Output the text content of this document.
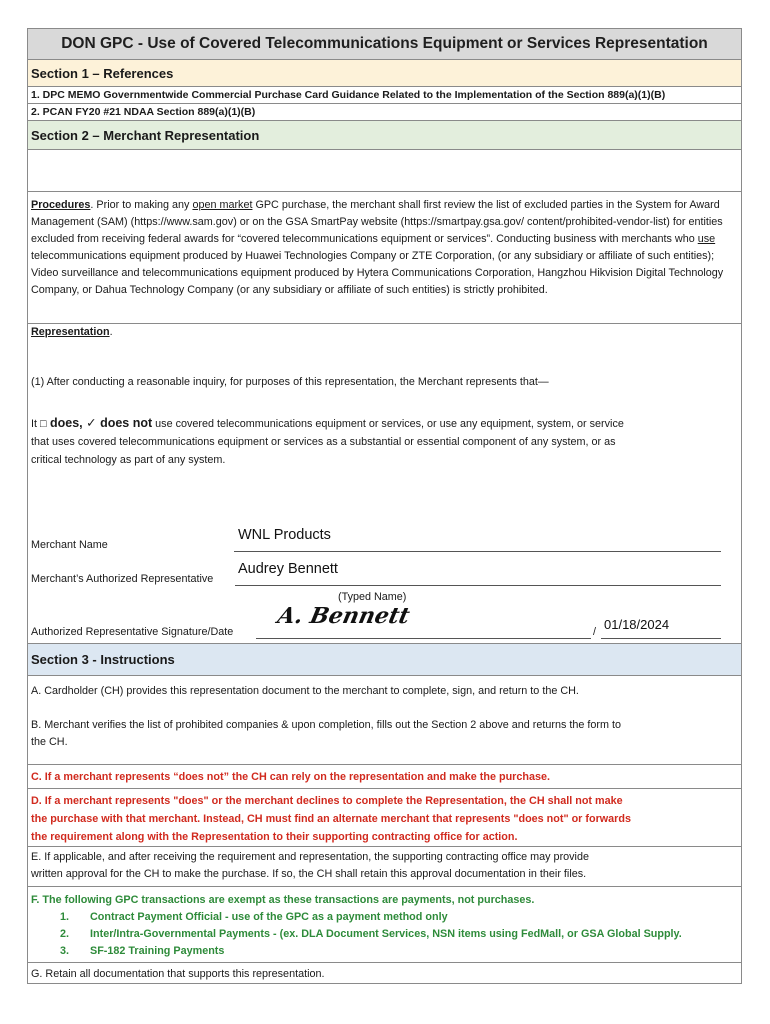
DON GPC - Use of Covered Telecommunications Equipment or Services Representation
Section 1 – References
1. DPC MEMO Governmentwide Commercial Purchase Card Guidance Related to the Implementation of the Section 889(a)(1)(B)
2. PCAN FY20 #21 NDAA Section 889(a)(1)(B)
Section 2 – Merchant Representation
Procedures. Prior to making any open market GPC purchase, the merchant shall first review the list of excluded parties in the System for Award Management (SAM) (https://www.sam.gov) or on the GSA SmartPay website (https://smartpay.gsa.gov/ content/prohibited-vendor-list) for entities excluded from receiving federal awards for “covered telecommunications equipment or services”. Conducting business with merchants who use telecommunications equipment produced by Huawei Technologies Company or ZTE Corporation, (or any subsidiary or affiliate of such entities); Video surveillance and telecommunications equipment produced by Hytera Communications Corporation, Hangzhou Hikvision Digital Technology Company, or Dahua Technology Company (or any subsidiary or affiliate of such entities) is strictly prohibited.
Representation.
(1) After conducting a reasonable inquiry, for purposes of this representation, the Merchant represents that—
It □ does, ✓ does not use covered telecommunications equipment or services, or use any equipment, system, or service
that uses covered telecommunications equipment or services as a substantial or essential component of any system, or as
critical technology as part of any system.
Merchant Name
WNL Products
Merchant’s Authorized Representative
Audrey Bennett
(Typed Name)
Authorized Representative Signature/Date
A. Bennett
/ 01/18/2024
Section 3 - Instructions
A. Cardholder (CH) provides this representation document to the merchant to complete, sign, and return to the CH.
B. Merchant verifies the list of prohibited companies & upon completion, fills out the Section 2 above and returns the form to
the CH.
C. If a merchant represents “does not” the CH can rely on the representation and make the purchase.
D. If a merchant represents "does" or the merchant declines to complete the Representation, the CH shall not make
the purchase with that merchant. Instead, CH must find an alternate merchant that represents "does not" or forwards
the requirement along with the Representation to their supporting contracting office for action.
E. If applicable, and after receiving the requirement and representation, the supporting contracting office may provide
written approval for the CH to make the purchase. If so, the CH shall retain this approval documentation in their files.
F. The following GPC transactions are exempt as these transactions are payments, not purchases.
1. Contract Payment Official - use of the GPC as a payment method only
2. Inter/Intra-Governmental Payments - (ex. DLA Document Services, NSN items using FedMall, or GSA Global Supply.
3. SF-182 Training Payments
G. Retain all documentation that supports this representation.
